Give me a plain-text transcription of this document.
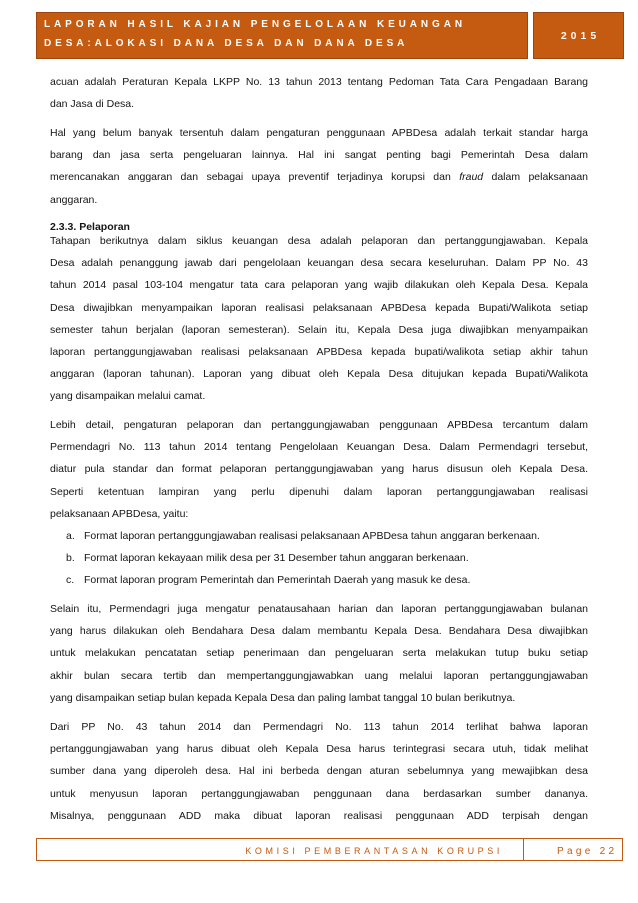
LAPORAN HASIL KAJIAN PENGELOLAAN KEUANGAN
DESA:ALOKASI DANA DESA DAN DANA DESA
2015
acuan adalah Peraturan Kepala LKPP No. 13 tahun 2013 tentang Pedoman Tata Cara Pengadaan Barang
dan Jasa di Desa.
Hal yang belum banyak tersentuh dalam pengaturan penggunaan APBDesa adalah terkait standar harga
barang dan jasa serta pengeluaran lainnya. Hal ini sangat penting bagi Pemerintah Desa dalam
merencanakan anggaran dan sebagai upaya preventif terjadinya korupsi dan fraud dalam pelaksanaan
anggaran.
2.3.3. Pelaporan
Tahapan berikutnya dalam siklus keuangan desa adalah pelaporan dan pertanggungjawaban. Kepala
Desa adalah penanggung jawab dari pengelolaan keuangan desa secara keseluruhan. Dalam PP No. 43
tahun 2014 pasal 103-104 mengatur tata cara pelaporan yang wajib dilakukan oleh Kepala Desa. Kepala
Desa diwajibkan menyampaikan laporan realisasi pelaksanaan APBDesa kepada Bupati/Walikota setiap
semester tahun berjalan (laporan semesteran). Selain itu, Kepala Desa juga diwajibkan menyampaikan
laporan pertanggungjawaban realisasi pelaksanaan APBDesa kepada bupati/walikota setiap akhir tahun
anggaran (laporan tahunan). Laporan yang dibuat oleh Kepala Desa ditujukan kepada Bupati/Walikota
yang disampaikan melalui camat.
Lebih detail, pengaturan pelaporan dan pertanggungjawaban penggunaan APBDesa tercantum dalam
Permendagri No. 113 tahun 2014 tentang Pengelolaan Keuangan Desa. Dalam Permendagri tersebut,
diatur pula standar dan format pelaporan pertanggungjawaban yang harus disusun oleh Kepala Desa.
Seperti ketentuan lampiran yang perlu dipenuhi dalam laporan pertanggungjawaban realisasi
pelaksanaan APBDesa, yaitu:
a. Format laporan pertanggungjawaban realisasi pelaksanaan APBDesa tahun anggaran berkenaan.
b. Format laporan kekayaan milik desa per 31 Desember tahun anggaran berkenaan.
c. Format laporan program Pemerintah dan Pemerintah Daerah yang masuk ke desa.
Selain itu, Permendagri juga mengatur penatausahaan harian dan laporan pertanggungjawaban bulanan
yang harus dilakukan oleh Bendahara Desa dalam membantu Kepala Desa. Bendahara Desa diwajibkan
untuk melakukan pencatatan setiap penerimaan dan pengeluaran serta melakukan tutup buku setiap
akhir bulan secara tertib dan mempertanggungjawabkan uang melalui laporan pertanggungjawaban
yang disampaikan setiap bulan kepada Kepala Desa dan paling lambat tanggal 10 bulan berikutnya.
Dari PP No. 43 tahun 2014 dan Permendagri No. 113 tahun 2014 terlihat bahwa laporan
pertanggungjawaban yang harus dibuat oleh Kepala Desa harus terintegrasi secara utuh, tidak melihat
sumber dana yang diperoleh desa. Hal ini berbeda dengan aturan sebelumnya yang mewajibkan desa
untuk menyusun laporan pertanggungjawaban penggunaan dana berdasarkan sumber dananya.
Misalnya, penggunaan ADD maka dibuat laporan realisasi penggunaan ADD terpisah dengan
KOMISI PEMBERANTASAN KORUPSI	Page 22
